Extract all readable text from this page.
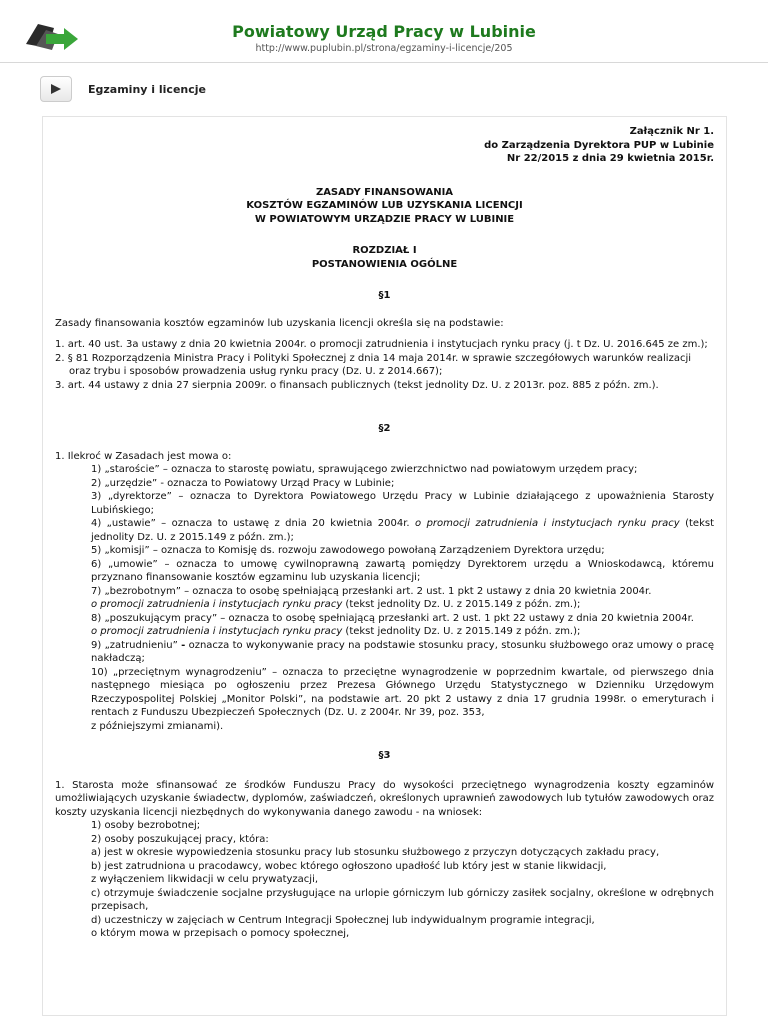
Powiatowy Urząd Pracy w Lubinie
http://www.puplubin.pl/strona/egzaminy-i-licencje/205
Egzaminy i licencje

Załącznik Nr 1.

do Zarządzenia Dyrektora PUP w Lubinie

Nr 22/2015 z dnia 29 kwietnia 2015r.

ZASADY FINANSOWANIA

KOSZTÓW EGZAMINÓW LUB UZYSKANIA LICENCJI

W POWIATOWYM URZĄDZIE PRACY W LUBINIE

ROZDZIAŁ I

POSTANOWIENIA OGÓLNE

§1

Zasady finansowania kosztów egzaminów lub uzyskania licencji określa się na podstawie:

1. art. 40 ust. 3a ustawy z dnia 20 kwietnia 2004r. o promocji zatrudnienia i instytucjach rynku pracy (j. t Dz. U. 2016.645 ze zm.);
2. § 81 Rozporządzenia Ministra Pracy i Polityki Społecznej z dnia 14 maja 2014r. w sprawie szczegółowych warunków realizacji oraz trybu i sposobów prowadzenia usług rynku pracy (Dz. U. z 2014.667);
3. art. 44 ustawy z dnia 27 sierpnia 2009r. o finansach publicznych (tekst jednolity Dz. U. z 2013r. poz. 885 z późn. zm.).

§2

1. Ilekroć w Zasadach jest mowa o:

1) „staroście” – oznacza to starostę powiatu, sprawującego zwierzchnictwo nad powiatowym urzędem pracy;

2) „urzędzie” - oznacza to Powiatowy Urząd Pracy w Lubinie;

3) „dyrektorze” – oznacza to Dyrektora Powiatowego Urzędu Pracy w Lubinie działającego z upoważnienia Starosty Lubińskiego;

4) „ustawie” – oznacza to ustawę z dnia 20 kwietnia 2004r. o promocji zatrudnienia i instytucjach rynku pracy (tekst jednolity Dz. U. z 2015.149 z późn. zm.);

5) „komisji” – oznacza to Komisję ds. rozwoju zawodowego powołaną Zarządzeniem Dyrektora urzędu;

6) „umowie” – oznacza to umowę cywilnoprawną zawartą pomiędzy Dyrektorem urzędu a Wnioskodawcą, któremu przyznano finansowanie kosztów egzaminu lub uzyskania licencji;

7) „bezrobotnym” – oznacza to osobę spełniającą przesłanki art. 2 ust. 1 pkt 2 ustawy z dnia 20 kwietnia 2004r.
o promocji zatrudnienia i instytucjach rynku pracy (tekst jednolity Dz. U. z 2015.149 z późn. zm.);

8) „poszukującym pracy” – oznacza to osobę spełniającą przesłanki art. 2 ust. 1 pkt 22 ustawy z dnia 20 kwietnia 2004r.
o promocji zatrudnienia i instytucjach rynku pracy (tekst jednolity Dz. U. z 2015.149 z późn. zm.);

9) „zatrudnieniu” - oznacza to wykonywanie pracy na podstawie stosunku pracy, stosunku służbowego oraz umowy o pracę nakładczą;

10) „przeciętnym wynagrodzeniu” – oznacza to przeciętne wynagrodzenie w poprzednim kwartale, od pierwszego dnia następnego miesiąca po ogłoszeniu przez Prezesa Głównego Urzędu Statystycznego w Dzienniku Urzędowym Rzeczypospolitej Polskiej „Monitor Polski”, na podstawie art. 20 pkt 2 ustawy z dnia 17 grudnia 1998r. o emeryturach i rentach z Funduszu Ubezpieczeń Społecznych (Dz. U. z 2004r. Nr 39, poz. 353,
z późniejszymi zmianami).

§3

1. Starosta może sfinansować ze środków Funduszu Pracy do wysokości przeciętnego wynagrodzenia koszty egzaminów umożliwiających uzyskanie świadectw, dyplomów, zaświadczeń, określonych uprawnień zawodowych lub tytułów zawodowych oraz koszty uzyskania licencji niezbędnych do wykonywania danego zawodu - na wniosek:

1) osoby bezrobotnej;

2) osoby poszukującej pracy, która:

a) jest w okresie wypowiedzenia stosunku pracy lub stosunku służbowego z przyczyn dotyczących zakładu pracy,

b) jest zatrudniona u pracodawcy, wobec którego ogłoszono upadłość lub który jest w stanie likwidacji,

z wyłączeniem likwidacji w celu prywatyzacji,

c) otrzymuje świadczenie socjalne przysługujące na urlopie górniczym lub górniczy zasiłek socjalny, określone w odrębnych przepisach,

d) uczestniczy w zajęciach w Centrum Integracji Społecznej lub indywidualnym programie integracji,

o którym mowa w przepisach o pomocy społecznej,
